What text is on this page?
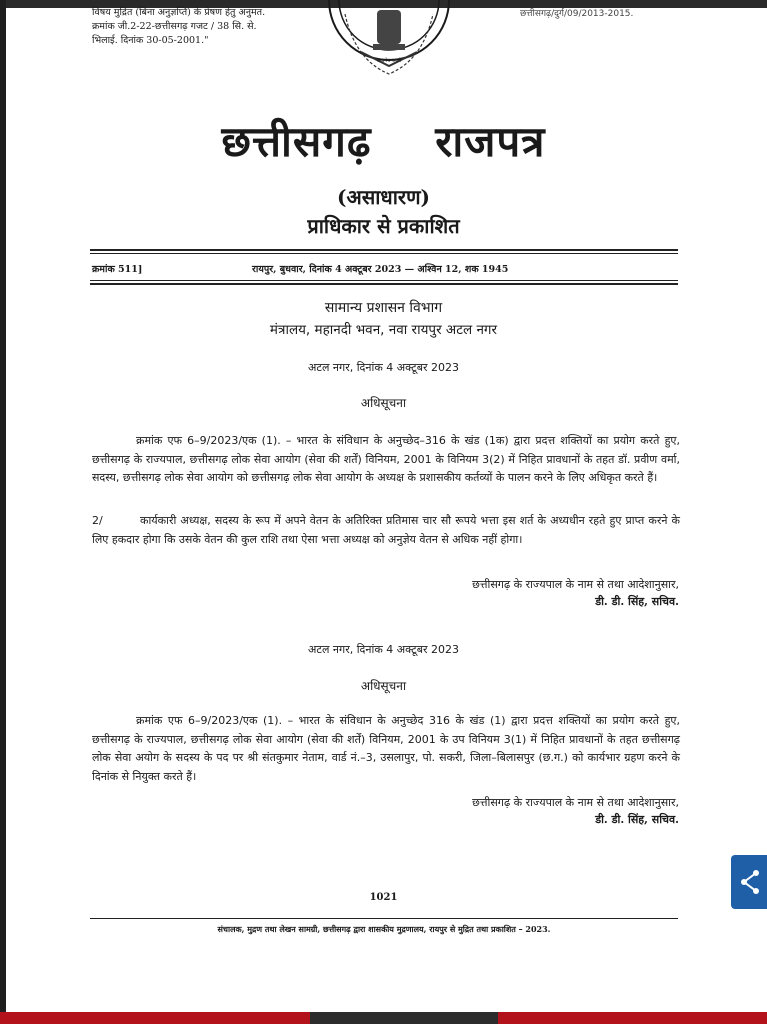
विषय मुद्रित (बिना अनुज्ञप्ति) के प्रेषण हेतु अनुमत. क्रमांक जी.2-22-छत्तीसगढ़ गजट / 38 सि. से. भिलाई. दिनांक 30-05-2001."
छत्तीसगढ़/दुर्ग/09/2013-2015.
सत्यमेव जयते
छत्तीसगढ़ राजपत्र
(असाधारण)
प्राधिकार से प्रकाशित
क्रमांक 511]	रायपुर, बुधवार, दिनांक 4 अक्टूबर 2023 — अश्विन 12, शक 1945
सामान्य प्रशासन विभाग
मंत्रालय, महानदी भवन, नवा रायपुर अटल नगर
अटल नगर, दिनांक 4 अक्टूबर 2023
अधिसूचना
क्रमांक एफ 6–9/2023/एक (1). – भारत के संविधान के अनुच्छेद–316 के खंड (1क) द्वारा प्रदत्त शक्तियों का प्रयोग करते हुए, छत्तीसगढ़ के राज्यपाल, छत्तीसगढ़ लोक सेवा आयोग (सेवा की शर्तें) विनियम, 2001 के विनियम 3(2) में निहित प्रावधानों के तहत डॉ. प्रवीण वर्मा, सदस्य, छत्तीसगढ़ लोक सेवा आयोग को छत्तीसगढ़ लोक सेवा आयोग के अध्यक्ष के प्रशासकीय कर्तव्यों के पालन करने के लिए अधिकृत करते हैं।
2/	कार्यकारी अध्यक्ष, सदस्य के रूप में अपने वेतन के अतिरिक्त प्रतिमास चार सौ रूपये भत्ता इस शर्त के अध्यधीन रहते हुए प्राप्त करने के लिए हकदार होगा कि उसके वेतन की कुल राशि तथा ऐसा भत्ता अध्यक्ष को अनुज्ञेय वेतन से अधिक नहीं होगा।
छत्तीसगढ़ के राज्यपाल के नाम से तथा आदेशानुसार,
डी. डी. सिंह, सचिव.
अटल नगर, दिनांक 4 अक्टूबर 2023
अधिसूचना
क्रमांक एफ 6–9/2023/एक (1). – भारत के संविधान के अनुच्छेद 316 के खंड (1) द्वारा प्रदत्त शक्तियों का प्रयोग करते हुए, छत्तीसगढ़ के राज्यपाल, छत्तीसगढ़ लोक सेवा आयोग (सेवा की शर्तें) विनियम, 2001 के उप विनियम 3(1) में निहित प्रावधानों के तहत छत्तीसगढ़ लोक सेवा अयोग के सदस्य के पद पर श्री संतकुमार नेताम, वार्ड नं.–3, उसलापुर, पो. सकरी, जिला–बिलासपुर (छ.ग.) को कार्यभार ग्रहण करने के दिनांक से नियुक्त करते हैं।
छत्तीसगढ़ के राज्यपाल के नाम से तथा आदेशानुसार,
डी. डी. सिंह, सचिव.
1021
संचालक, मुद्रण तथा लेखन सामग्री, छत्तीसगढ़ द्वारा शासकीय मुद्रणालय, रायपुर से मुद्रित तथा प्रकाशित – 2023.
